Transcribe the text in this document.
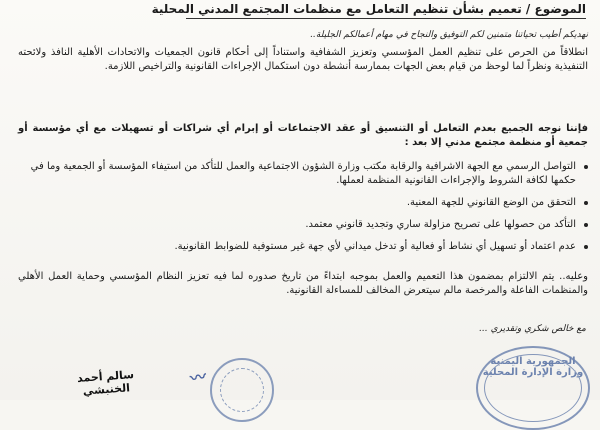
الموضوع / تعميم بشأن تنظيم التعامل مع منظمات المجتمع المدني المحلية
نهديكم أطيب تحياتنا متمنين لكم التوفيق والنجاح في مهام أعمالكم الجليلة..
انطلاقاً من الحرص على تنظيم العمل المؤسسي وتعزيز الشفافية واستناداً إلى أحكام قانون الجمعيات والاتحادات الأهلية النافذ ولائحته التنفيذية ونظراً لما لوحظ من قيام بعض الجهات بممارسة أنشطة دون استكمال الإجراءات القانونية والتراخيص اللازمة.
فإننا نوجه الجميع بعدم التعامل أو التنسيق أو عقد الاجتماعات أو إبرام أي شراكات أو تسهيلات مع أي مؤسسة أو جمعية أو منظمة مجتمع مدني إلا بعد :
التواصل الرسمي مع الجهة الاشرافية والرقابة مكتب وزارة الشؤون الاجتماعية والعمل للتأكد من استيفاء المؤسسة أو الجمعية وما في حكمها لكافة الشروط والإجراءات القانونية المنظمة لعملها.
التحقق من الوضع القانوني للجهة المعنية.
التأكد من حصولها على تصريح مزاولة ساري وتجديد قانوني معتمد.
عدم اعتماد أو تسهيل أي نشاط أو فعالية أو تدخل ميداني لأي جهة غير مستوفية للضوابط القانونية.
وعليه.. يتم الالتزام بمضمون هذا التعميم والعمل بموجبه ابتداءً من تاريخ صدوره لما فيه تعزيز النظام المؤسسي وحماية العمل الأهلي والمنظمات الفاعلة والمرخصة مالم سيتعرض المخالف للمساءلة القانونية.
مع خالص شكري وتقديري ...
سالم أحمد الخنبشي
〰︎
الجمهورية اليمنية وزارة الإدارة المحلية
